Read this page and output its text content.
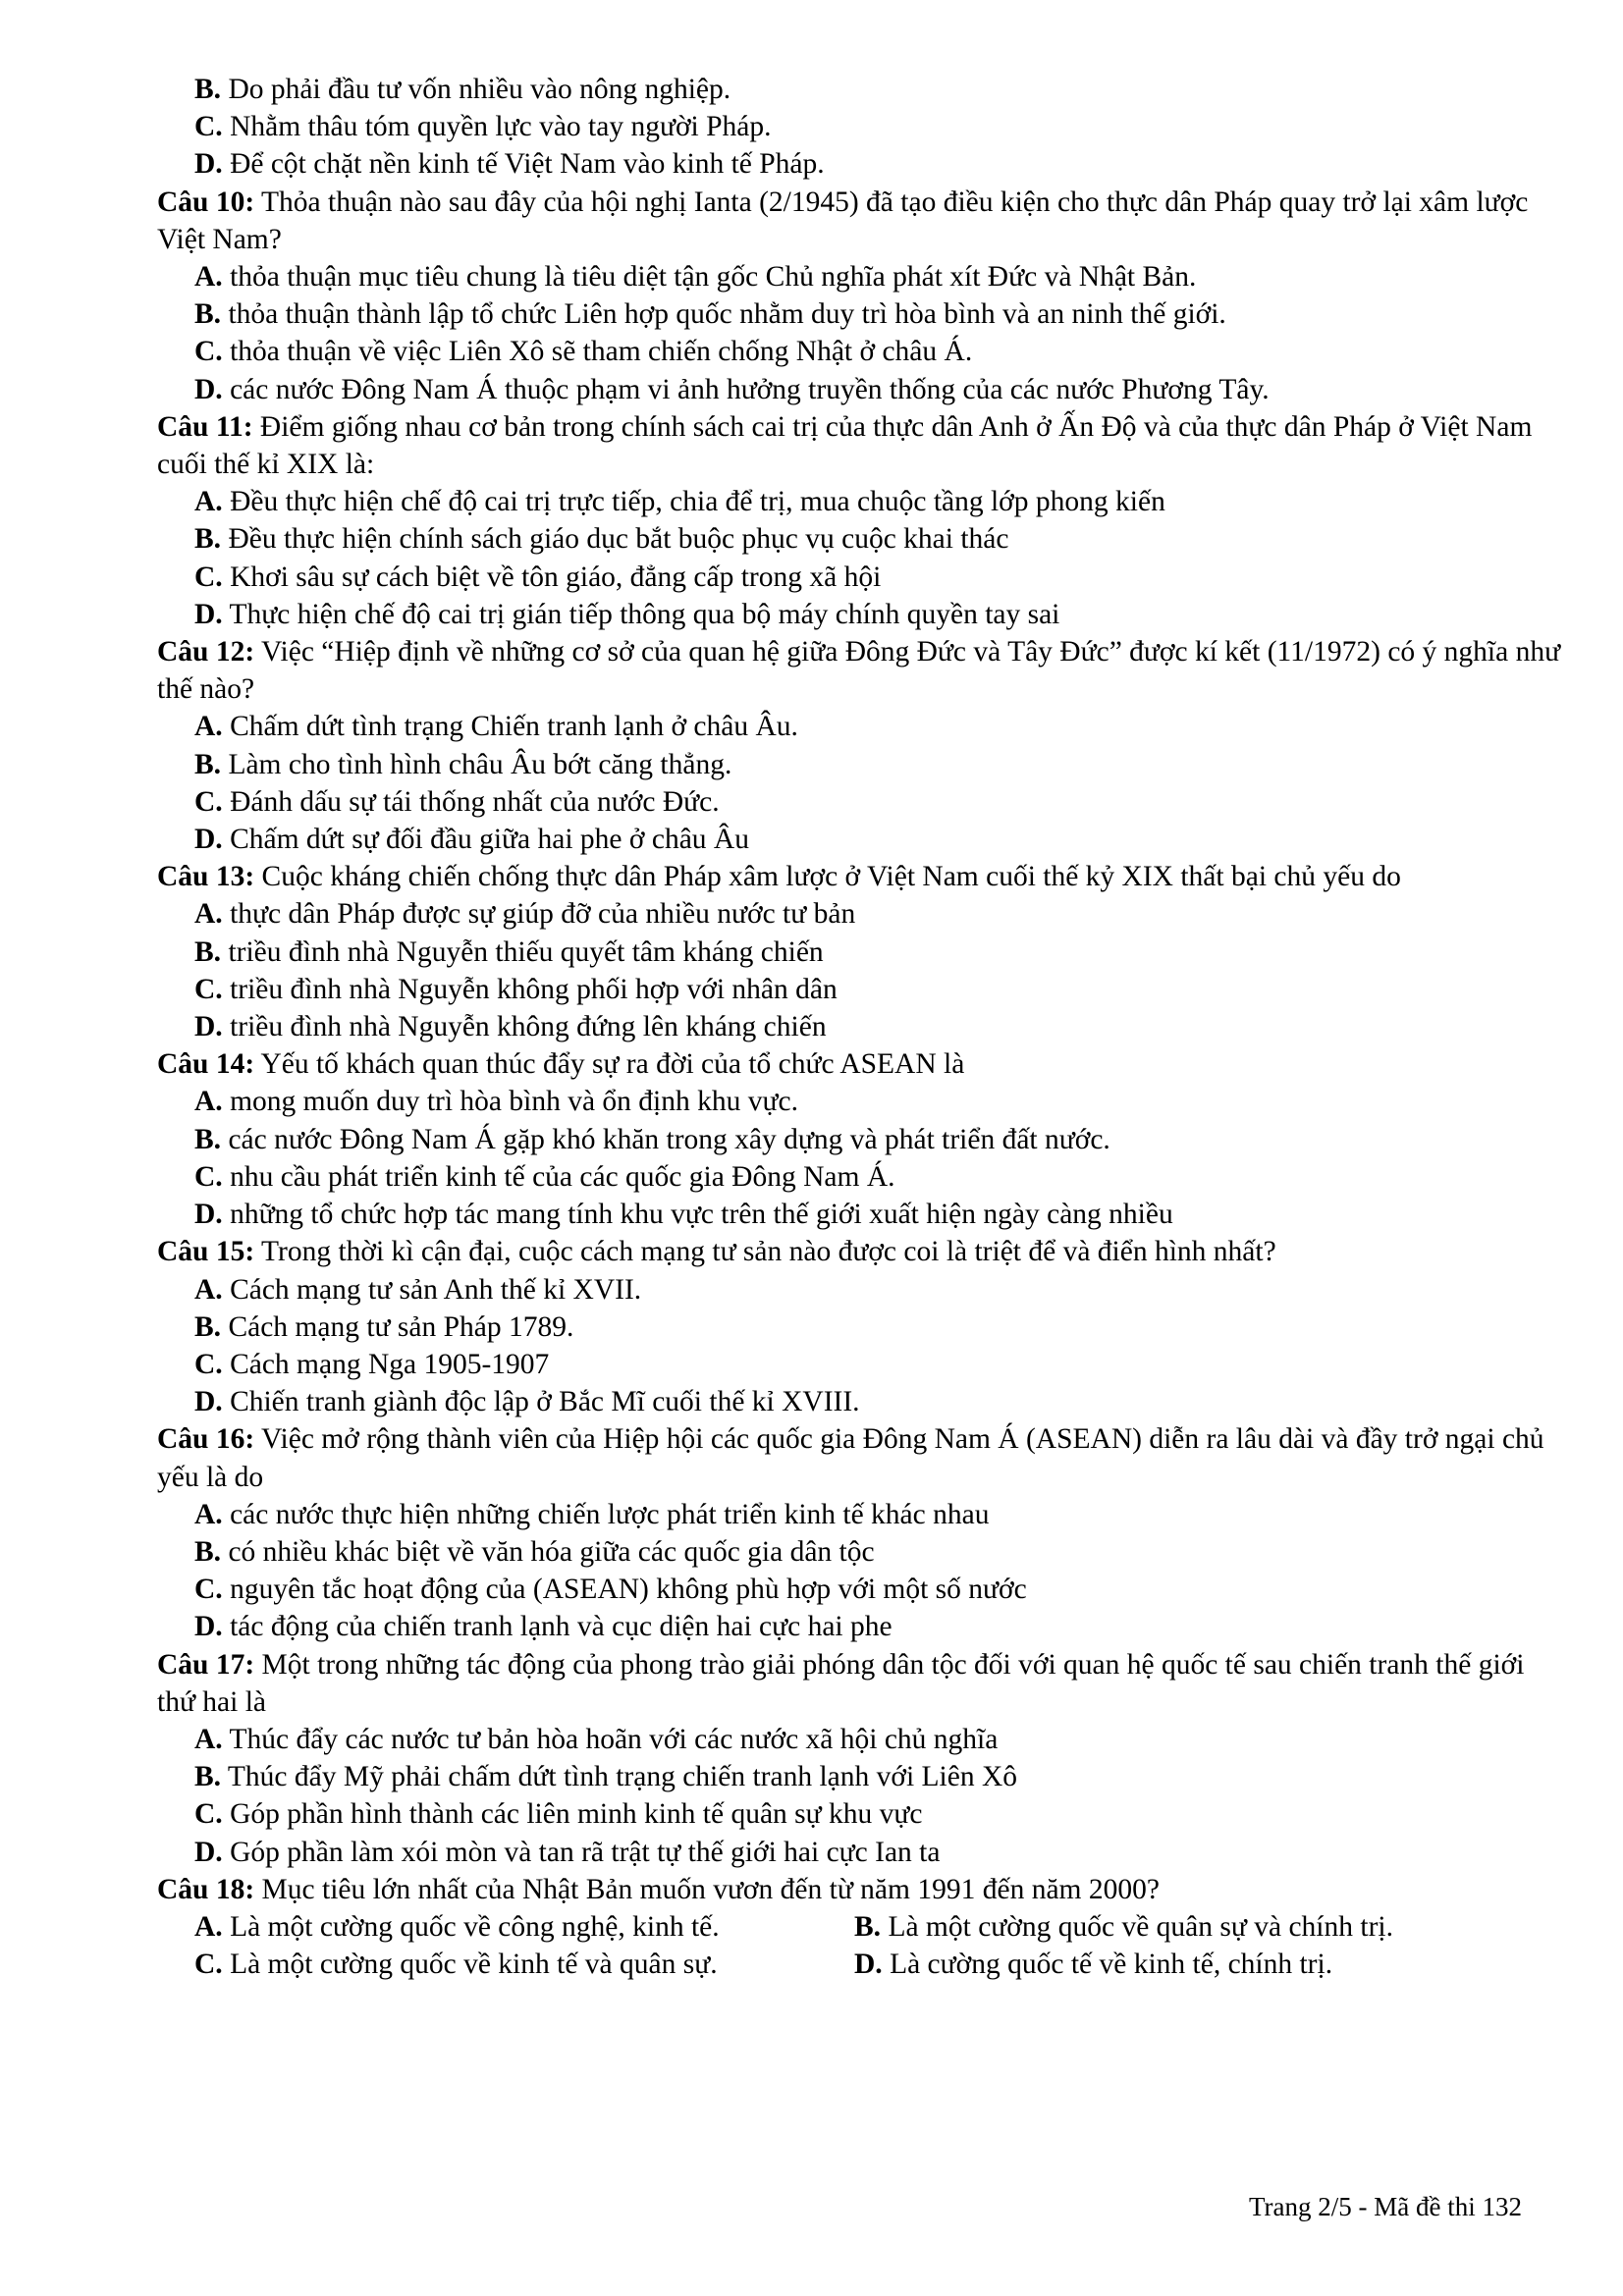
B. Do phải đầu tư vốn nhiều vào nông nghiệp.
C. Nhằm thâu tóm quyền lực vào tay người Pháp.
D. Để cột chặt nền kinh tế Việt Nam vào kinh tế Pháp.
Câu 10: Thỏa thuận nào sau đây của hội nghị Ianta (2/1945) đã tạo điều kiện cho thực dân Pháp quay trở lại xâm lược Việt Nam?
A. thỏa thuận mục tiêu chung là tiêu diệt tận gốc Chủ nghĩa phát xít Đức và Nhật Bản.
B. thỏa thuận thành lập tổ chức Liên hợp quốc nhằm duy trì hòa bình và an ninh thế giới.
C. thỏa thuận về việc Liên Xô sẽ tham chiến chống Nhật ở châu Á.
D. các nước Đông Nam Á thuộc phạm vi ảnh hưởng truyền thống của các nước Phương Tây.
Câu 11: Điểm giống nhau cơ bản trong chính sách cai trị của thực dân Anh ở Ấn Độ và của thực dân Pháp ở Việt Nam cuối thế kỉ XIX là:
A. Đều thực hiện chế độ cai trị trực tiếp, chia để trị, mua chuộc tầng lớp phong kiến
B. Đều thực hiện chính sách giáo dục bắt buộc phục vụ cuộc khai thác
C. Khơi sâu sự cách biệt về tôn giáo, đẳng cấp trong xã hội
D. Thực hiện chế độ cai trị gián tiếp thông qua bộ máy chính quyền tay sai
Câu 12: Việc “Hiệp định về những cơ sở của quan hệ giữa Đông Đức và Tây Đức” được kí kết (11/1972) có ý nghĩa như thế nào?
A. Chấm dứt tình trạng Chiến tranh lạnh ở châu Âu.
B. Làm cho tình hình châu Âu bớt căng thẳng.
C. Đánh dấu sự tái thống nhất của nước Đức.
D. Chấm dứt sự đối đầu giữa hai phe ở châu Âu
Câu 13: Cuộc kháng chiến chống thực dân Pháp xâm lược ở Việt Nam cuối thế kỷ XIX thất bại chủ yếu do
A. thực dân Pháp được sự giúp đỡ của nhiều nước tư bản
B. triều đình nhà Nguyễn thiếu quyết tâm kháng chiến
C. triều đình nhà Nguyễn không phối hợp với nhân dân
D. triều đình nhà Nguyễn không đứng lên kháng chiến
Câu 14: Yếu tố khách quan thúc đẩy sự ra đời của tổ chức ASEAN là
A. mong muốn duy trì hòa bình và ổn định khu vực.
B. các nước Đông Nam Á gặp khó khăn trong xây dựng và phát triển đất nước.
C. nhu cầu phát triển kinh tế của các quốc gia Đông Nam Á.
D. những tổ chức hợp tác mang tính khu vực trên thế giới xuất hiện ngày càng nhiều
Câu 15: Trong thời kì cận đại, cuộc cách mạng tư sản nào được coi là triệt để và điển hình nhất?
A. Cách mạng tư sản Anh thế kỉ XVII.
B. Cách mạng tư sản Pháp 1789.
C. Cách mạng Nga 1905-1907
D. Chiến tranh giành độc lập ở Bắc Mĩ cuối thế kỉ XVIII.
Câu 16: Việc mở rộng thành viên của Hiệp hội các quốc gia Đông Nam Á (ASEAN) diễn ra lâu dài và đầy trở ngại chủ yếu là do
A. các nước thực hiện những chiến lược phát triển kinh tế khác nhau
B. có nhiều khác biệt về văn hóa giữa các quốc gia dân tộc
C. nguyên tắc hoạt động của (ASEAN) không phù hợp với một số nước
D. tác động của chiến tranh lạnh và cục diện hai cực hai phe
Câu 17: Một trong những tác động của phong trào giải phóng dân tộc đối với quan hệ quốc tế sau chiến tranh thế giới thứ hai là
A. Thúc đẩy các nước tư bản hòa hoãn với các nước xã hội chủ nghĩa
B. Thúc đẩy Mỹ phải chấm dứt tình trạng chiến tranh lạnh với Liên Xô
C. Góp phần hình thành các liên minh kinh tế quân sự khu vực
D. Góp phần làm xói mòn và tan rã trật tự thế giới hai cực Ian ta
Câu 18: Mục tiêu lớn nhất của Nhật Bản muốn vươn đến từ năm 1991 đến năm 2000?
A. Là một cường quốc về công nghệ, kinh tế.	B. Là một cường quốc về quân sự và chính trị.
C. Là một cường quốc về kinh tế và quân sự.	D. Là cường quốc tế về kinh tế, chính trị.
Trang 2/5 - Mã đề thi 132
